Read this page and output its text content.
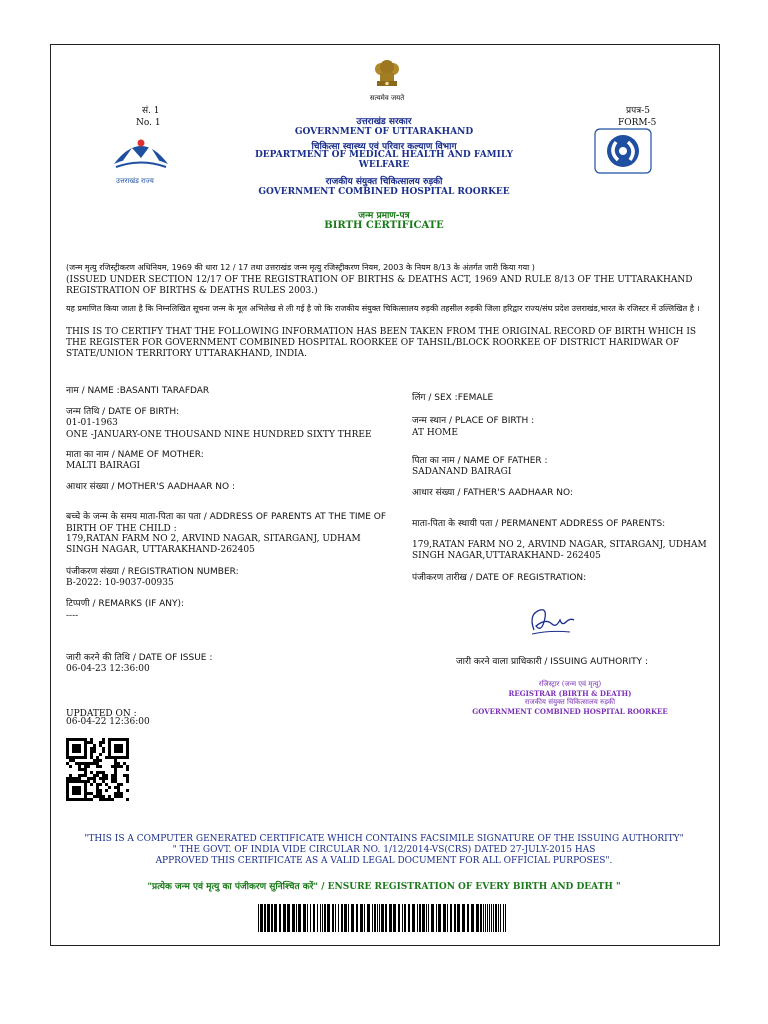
सत्यमेव जयते
सं. 1
No. 1
उत्तराखंड राज्य
प्रपत्र-5
FORM-5
उत्तराखंड सरकार
GOVERNMENT OF UTTARAKHAND
चिकित्सा स्वास्थ्य एवं परिवार कल्याण विभाग
DEPARTMENT OF MEDICAL HEALTH AND FAMILY
WELFARE
राजकीय संयुक्त चिकित्सालय रुड़की
GOVERNMENT COMBINED HOSPITAL ROORKEE
जन्म प्रमाण-पत्र
BIRTH CERTIFICATE
(जन्म मृत्यु रजिस्ट्रीकरण अधिनियम, 1969 की धारा 12 / 17 तथा उत्तराखंड जन्म मृत्यु रजिस्ट्रीकरण नियम, 2003 के नियम 8/13 के अंतर्गत जारी किया गया )
(ISSUED UNDER SECTION 12/17 OF THE REGISTRATION OF BIRTHS & DEATHS ACT, 1969 AND RULE 8/13 OF THE UTTARAKHAND REGISTRATION OF BIRTHS & DEATHS RULES 2003.)
यह प्रमाणित किया जाता है कि निम्नलिखित सूचना जन्म के मूल अभिलेख से ली गई है जो कि राजकीय संयुक्त चिकित्सालय रुड़की तहसील रुड़की जिला हरिद्वार राज्य/संघ प्रदेश उत्तराखंड,भारत के रजिस्टर में उल्लिखित है ।
THIS IS TO CERTIFY THAT THE FOLLOWING INFORMATION HAS BEEN TAKEN FROM THE ORIGINAL RECORD OF BIRTH WHICH IS THE REGISTER FOR GOVERNMENT COMBINED HOSPITAL ROORKEE OF TAHSIL/BLOCK ROORKEE OF DISTRICT HARIDWAR OF STATE/UNION TERRITORY UTTARAKHAND, INDIA.
नाम / NAME :BASANTI TARAFDAR
जन्म तिथि / DATE OF BIRTH:
01-01-1963
ONE -JANUARY-ONE THOUSAND NINE HUNDRED SIXTY THREE
माता का नाम / NAME OF MOTHER:
MALTI BAIRAGI
आधार संख्या / MOTHER'S AADHAAR NO :
बच्चे के जन्म के समय माता-पिता का पता / ADDRESS OF PARENTS AT THE TIME OF
BIRTH OF THE CHILD :
179,RATAN FARM NO 2, ARVIND NAGAR, SITARGANJ, UDHAM
SINGH NAGAR, UTTARAKHAND-262405
पंजीकरण संख्या / REGISTRATION NUMBER:
B-2022: 10-9037-00935
टिप्पणी / REMARKS (IF ANY):
----
जारी करने की तिथि / DATE OF ISSUE :
06-04-23 12:36:00
UPDATED ON :
06-04-22 12:36:00
लिंग / SEX :FEMALE
जन्म स्थान / PLACE OF BIRTH :
AT HOME
पिता का नाम / NAME OF FATHER :
SADANAND BAIRAGI
आधार संख्या / FATHER'S AADHAAR NO:
माता-पिता के स्थायी पता / PERMANENT ADDRESS OF PARENTS:
179,RATAN FARM NO 2, ARVIND NAGAR, SITARGANJ, UDHAM
SINGH NAGAR,UTTARAKHAND- 262405
पंजीकरण तारीख / DATE OF REGISTRATION:
जारी करने वाला प्राधिकारी / ISSUING AUTHORITY :
रजिस्ट्रार (जन्म एवं मृत्यु)
REGISTRAR (BIRTH & DEATH)
राजकीय संयुक्त चिकित्सालय रुड़की
GOVERNMENT COMBINED HOSPITAL ROORKEE
"THIS IS A COMPUTER GENERATED CERTIFICATE WHICH CONTAINS FACSIMILE SIGNATURE OF THE ISSUING AUTHORITY"
" THE GOVT. OF INDIA VIDE CIRCULAR NO. 1/12/2014-VS(CRS) DATED 27-JULY-2015 HAS
APPROVED THIS CERTIFICATE AS A VALID LEGAL DOCUMENT FOR ALL OFFICIAL PURPOSES".
"प्रत्येक जन्म एवं मृत्यु का पंजीकरण सुनिश्चित करें" / ENSURE REGISTRATION OF EVERY BIRTH AND DEATH "
